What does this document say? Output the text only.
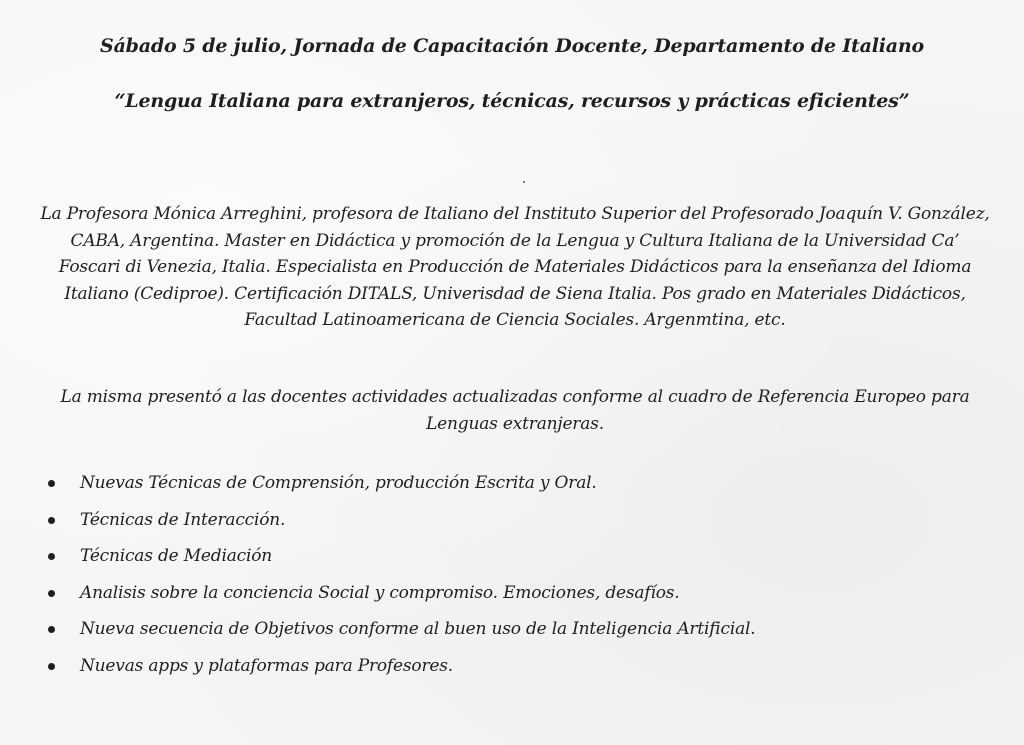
Sábado 5 de julio, Jornada de Capacitación Docente, Departamento de Italiano
“Lengua Italiana para extranjeros, técnicas, recursos y prácticas eficientes”
La Profesora Mónica Arreghini, profesora de Italiano del Instituto Superior del Profesorado Joaquín V. González, CABA, Argentina. Master en Didáctica y promoción de la Lengua y Cultura Italiana de la Universidad Ca’ Foscari di Venezia, Italia. Especialista en Producción de Materiales Didácticos para la enseñanza del Idioma Italiano (Cediproe). Certificación DITALS, Univerisdad de Siena Italia. Pos grado en Materiales Didácticos, Facultad Latinoamericana de Ciencia Sociales. Argenmtina, etc.
La misma presentó a las docentes actividades actualizadas conforme al cuadro de Referencia Europeo para Lenguas extranjeras.
Nuevas Técnicas de Comprensión, producción Escrita y Oral.
Técnicas de Interacción.
Técnicas de Mediación
Analisis sobre la conciencia Social y compromiso. Emociones, desafíos.
Nueva secuencia de Objetivos conforme al buen uso de la Inteligencia Artificial.
Nuevas apps y plataformas para Profesores.
